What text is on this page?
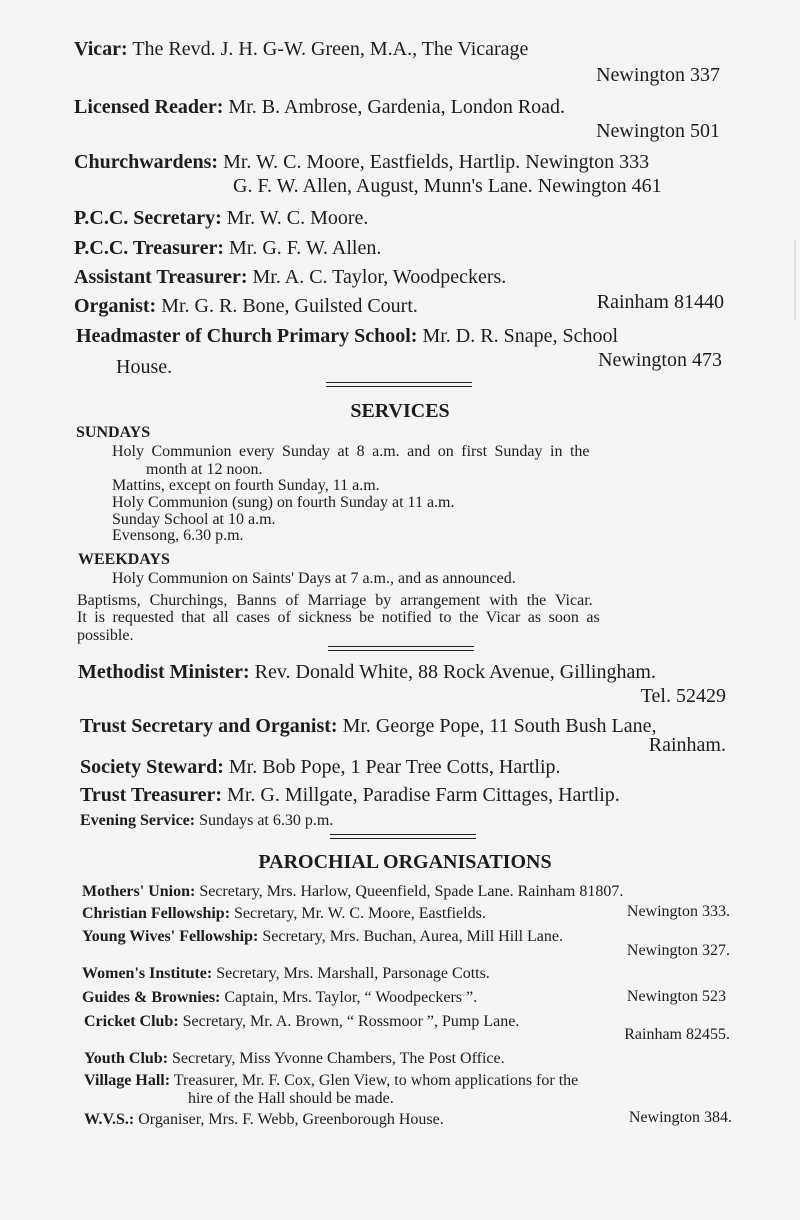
Vicar: The Revd. J. H. G-W. Green, M.A., The Vicarage
Newington 337
Licensed Reader: Mr. B. Ambrose, Gardenia, London Road.
Newington 501
Churchwardens: Mr. W. C. Moore, Eastfields, Hartlip. Newington 333
G. F. W. Allen, August, Munn's Lane. Newington 461
P.C.C. Secretary: Mr. W. C. Moore.
P.C.C. Treasurer: Mr. G. F. W. Allen.
Assistant Treasurer: Mr. A. C. Taylor, Woodpeckers.
Organist: Mr. G. R. Bone, Guilsted Court.	Rainham 81440
Headmaster of Church Primary School: Mr. D. R. Snape, School
House.	Newington 473
SERVICES
SUNDAYS
Holy Communion every Sunday at 8 a.m. and on first Sunday in the
month at 12 noon.
Mattins, except on fourth Sunday, 11 a.m.
Holy Communion (sung) on fourth Sunday at 11 a.m.
Sunday School at 10 a.m.
Evensong, 6.30 p.m.
WEEKDAYS
Holy Communion on Saints' Days at 7 a.m., and as announced.
Baptisms, Churchings, Banns of Marriage by arrangement with the Vicar.
It is requested that all cases of sickness be notified to the Vicar as soon as
possible.
Methodist Minister: Rev. Donald White, 88 Rock Avenue, Gillingham.
Tel. 52429
Trust Secretary and Organist: Mr. George Pope, 11 South Bush Lane,
Rainham.
Society Steward: Mr. Bob Pope, 1 Pear Tree Cotts, Hartlip.
Trust Treasurer: Mr. G. Millgate, Paradise Farm Cittages, Hartlip.
Evening Service: Sundays at 6.30 p.m.
PAROCHIAL ORGANISATIONS
Mothers' Union: Secretary, Mrs. Harlow, Queenfield, Spade Lane. Rainham 81807.
Christian Fellowship: Secretary, Mr. W. C. Moore, Eastfields.	Newington 333.
Young Wives' Fellowship: Secretary, Mrs. Buchan, Aurea, Mill Hill Lane.
Newington 327.
Women's Institute: Secretary, Mrs. Marshall, Parsonage Cotts.
Guides & Brownies: Captain, Mrs. Taylor, “ Woodpeckers ”.	Newington 523
Cricket Club: Secretary, Mr. A. Brown, “ Rossmoor ”, Pump Lane.
Rainham 82455.
Youth Club: Secretary, Miss Yvonne Chambers, The Post Office.
Village Hall: Treasurer, Mr. F. Cox, Glen View, to whom applications for the
hire of the Hall should be made.
W.V.S.: Organiser, Mrs. F. Webb, Greenborough House.	Newington 384.
